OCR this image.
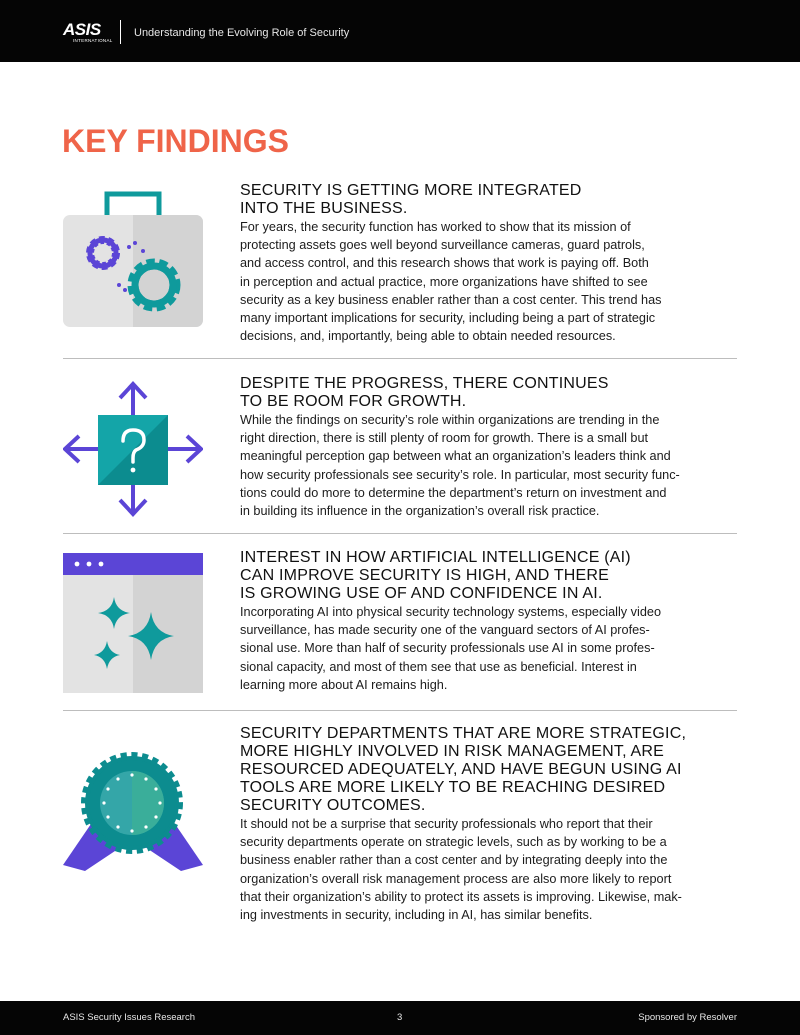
ASIS
INTERNATIONAL
Understanding the Evolving Role of Security
KEY FINDINGS
SECURITY IS GETTING MORE INTEGRATED
INTO THE BUSINESS.
For years, the security function has worked to show that its mission of
protecting assets goes well beyond surveillance cameras, guard patrols,
and access control, and this research shows that work is paying off. Both
in perception and actual practice, more organizations have shifted to see
security as a key business enabler rather than a cost center. This trend has
many important implications for security, including being a part of strategic
decisions, and, importantly, being able to obtain needed resources.
DESPITE THE PROGRESS, THERE CONTINUES
TO BE ROOM FOR GROWTH.
While the findings on security’s role within organizations are trending in the
right direction, there is still plenty of room for growth. There is a small but
meaningful perception gap between what an organization’s leaders think and
how security professionals see security’s role. In particular, most security func-
tions could do more to determine the department’s return on investment and
in building its influence in the organization’s overall risk practice.
INTEREST IN HOW ARTIFICIAL INTELLIGENCE (AI)
CAN IMPROVE SECURITY IS HIGH, AND THERE
IS GROWING USE OF AND CONFIDENCE IN AI.
Incorporating AI into physical security technology systems, especially video
surveillance, has made security one of the vanguard sectors of AI profes-
sional use. More than half of security professionals use AI in some profes-
sional capacity, and most of them see that use as beneficial. Interest in
learning more about AI remains high.
SECURITY DEPARTMENTS THAT ARE MORE STRATEGIC,
MORE HIGHLY INVOLVED IN RISK MANAGEMENT, ARE
RESOURCED ADEQUATELY, AND HAVE BEGUN USING AI
TOOLS ARE MORE LIKELY TO BE REACHING DESIRED
SECURITY OUTCOMES.
It should not be a surprise that security professionals who report that their
security departments operate on strategic levels, such as by working to be a
business enabler rather than a cost center and by integrating deeply into the
organization’s overall risk management process are also more likely to report
that their organization’s ability to protect its assets is improving. Likewise, mak-
ing investments in security, including in AI, has similar benefits.
ASIS Security Issues Research	3	Sponsored by Resolver
